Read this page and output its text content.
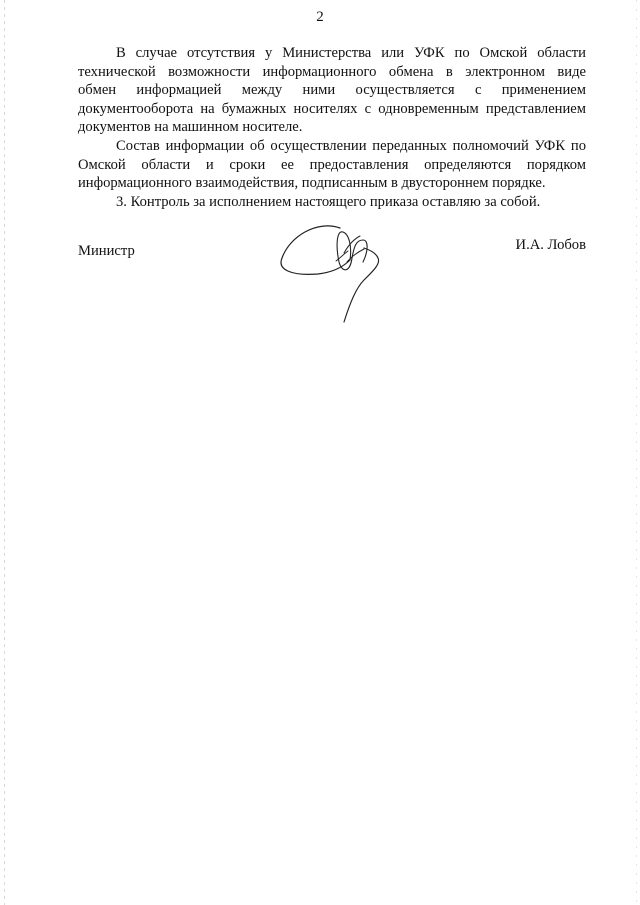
2

В случае отсутствия у Министерства или УФК по Омской области

технической возможности информационного обмена в электронном виде

обмен информацией между ними осуществляется с применением

документооборота на бумажных носителях с одновременным представлением

документов на машинном носителе.

Состав информации об осуществлении переданных полномочий УФК по

Омской области и сроки ее предоставления определяются порядком

информационного взаимодействия, подписанным в двустороннем порядке.

3. Контроль за исполнением настоящего приказа оставляю за собой.

Министр	И.А. Лобов
